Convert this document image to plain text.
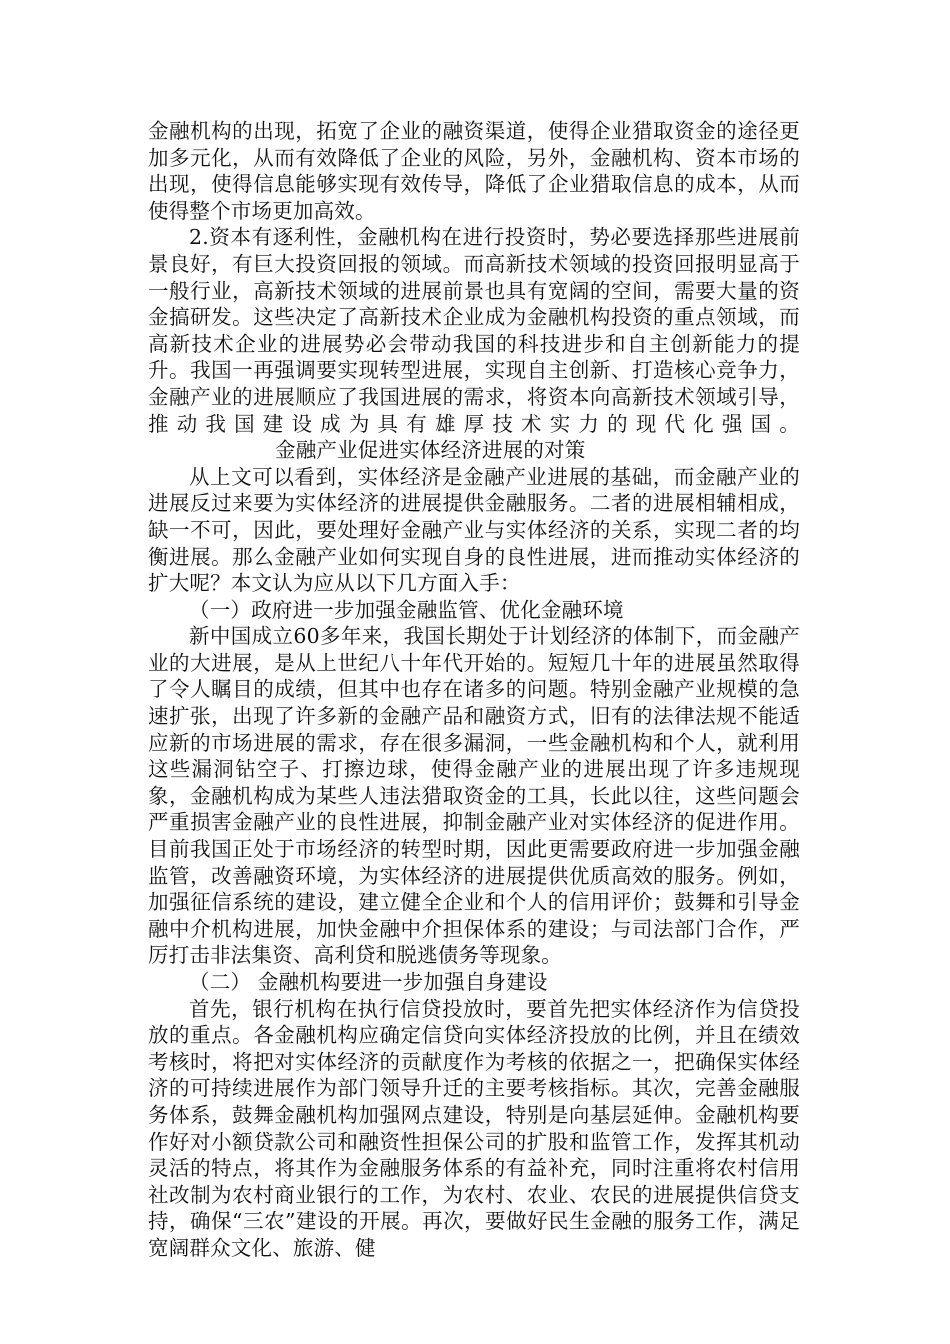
金融机构的出现，拓宽了企业的融资渠道，使得企业猎取资金的途径更加多元化，从而有效降低了企业的风险，另外，金融机构、资本市场的出现，使得信息能够实现有效传导，降低了企业猎取信息的成本，从而使得整个市场更加高效。

2.资本有逐利性，金融机构在进行投资时，势必要选择那些进展前景良好，有巨大投资回报的领域。而高新技术领域的投资回报明显高于一般行业，高新技术领域的进展前景也具有宽阔的空间，需要大量的资金搞研发。这些决定了高新技术企业成为金融机构投资的重点领域，而高新技术企业的进展势必会带动我国的科技进步和自主创新能力的提升。我国一再强调要实现转型进展，实现自主创新、打造核心竞争力，金融产业的进展顺应了我国进展的需求，将资本向高新技术领域引导，推动我国建设成为具有雄厚技术实力的现代化强国。金融产业促进实体经济进展的对策

从上文可以看到，实体经济是金融产业进展的基础，而金融产业的进展反过来要为实体经济的进展提供金融服务。二者的进展相辅相成，缺一不可，因此，要处理好金融产业与实体经济的关系，实现二者的均衡进展。那么金融产业如何实现自身的良性进展，进而推动实体经济的扩大呢？本文认为应从以下几方面入手：

（一）政府进一步加强金融监管、优化金融环境

新中国成立60多年来，我国长期处于计划经济的体制下，而金融产业的大进展，是从上世纪八十年代开始的。短短几十年的进展虽然取得了令人瞩目的成绩，但其中也存在诸多的问题。特别金融产业规模的急速扩张，出现了许多新的金融产品和融资方式，旧有的法律法规不能适应新的市场进展的需求，存在很多漏洞，一些金融机构和个人，就利用这些漏洞钻空子、打擦边球，使得金融产业的进展出现了许多违规现象，金融机构成为某些人违法猎取资金的工具，长此以往，这些问题会严重损害金融产业的良性进展，抑制金融产业对实体经济的促进作用。目前我国正处于市场经济的转型时期，因此更需要政府进一步加强金融监管，改善融资环境，为实体经济的进展提供优质高效的服务。例如，加强征信系统的建设，建立健全企业和个人的信用评价；鼓舞和引导金融中介机构进展，加快金融中介担保体系的建设；与司法部门合作，严厉打击非法集资、高利贷和脱逃债务等现象。

（二） 金融机构要进一步加强自身建设

首先，银行机构在执行信贷投放时，要首先把实体经济作为信贷投放的重点。各金融机构应确定信贷向实体经济投放的比例，并且在绩效考核时，将把对实体经济的贡献度作为考核的依据之一，把确保实体经济的可持续进展作为部门领导升迁的主要考核指标。其次，完善金融服务体系，鼓舞金融机构加强网点建设，特别是向基层延伸。金融机构要作好对小额贷款公司和融资性担保公司的扩股和监管工作，发挥其机动灵活的特点，将其作为金融服务体系的有益补充，同时注重将农村信用社改制为农村商业银行的工作，为农村、农业、农民的进展提供信贷支持，确保“三农”建设的开展。再次，要做好民生金融的服务工作，满足宽阔群众文化、旅游、健
